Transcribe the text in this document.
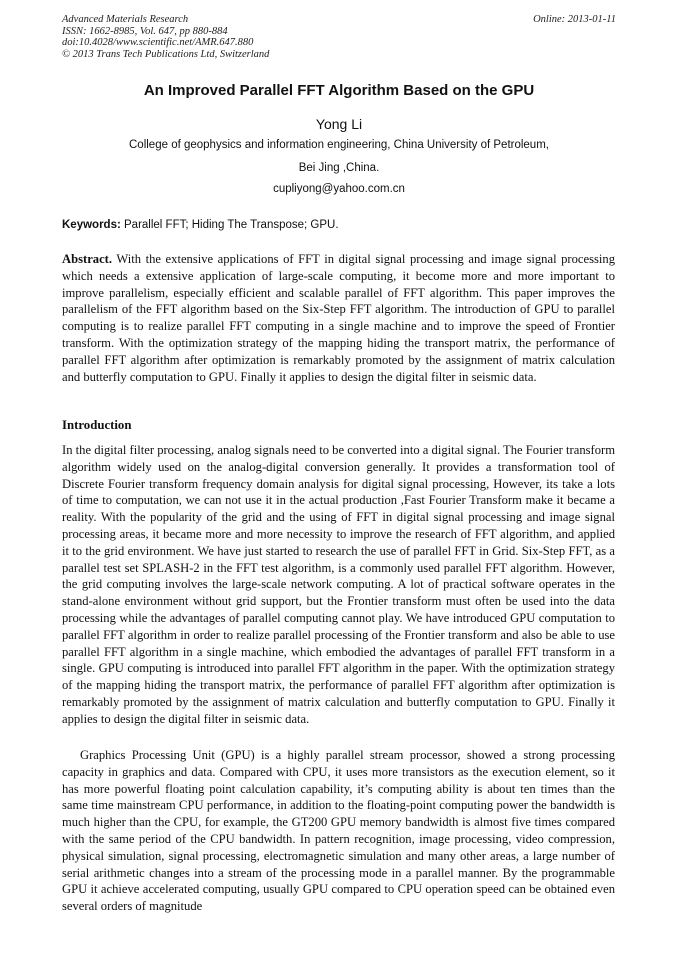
Advanced Materials Research
ISSN: 1662-8985, Vol. 647, pp 880-884
doi:10.4028/www.scientific.net/AMR.647.880
© 2013 Trans Tech Publications Ltd, Switzerland
Online: 2013-01-11
An Improved Parallel FFT Algorithm Based on the GPU
Yong Li
College of geophysics and information engineering, China University of Petroleum,
Bei Jing ,China.
cupliyong@yahoo.com.cn
Keywords: Parallel FFT; Hiding The Transpose; GPU.
Abstract. With the extensive applications of FFT in digital signal processing and image signal processing which needs a extensive application of large-scale computing, it become more and more important to improve parallelism, especially efficient and scalable parallel of FFT algorithm. This paper improves the parallelism of the FFT algorithm based on the Six-Step FFT algorithm. The introduction of GPU to parallel computing is to realize parallel FFT computing in a single machine and to improve the speed of Frontier transform. With the optimization strategy of the mapping hiding the transport matrix, the performance of parallel FFT algorithm after optimization is remarkably promoted by the assignment of matrix calculation and butterfly computation to GPU. Finally it applies to design the digital filter in seismic data.
Introduction
In the digital filter processing, analog signals need to be converted into a digital signal. The Fourier transform algorithm widely used on the analog-digital conversion generally. It provides a transformation tool of Discrete Fourier transform frequency domain analysis for digital signal processing, However, its take a lots of time to computation, we can not use it in the actual production ,Fast Fourier Transform make it became a reality. With the popularity of the grid and the using of FFT in digital signal processing and image signal processing areas, it became more and more necessity to improve the research of FFT algorithm, and applied it to the grid environment. We have just started to research the use of parallel FFT in Grid. Six-Step FFT, as a parallel test set SPLASH-2 in the FFT test algorithm, is a commonly used parallel FFT algorithm. However, the grid computing involves the large-scale network computing. A lot of practical software operates in the stand-alone environment without grid support, but the Frontier transform must often be used into the data processing while the advantages of parallel computing cannot play. We have introduced GPU computation to parallel FFT algorithm in order to realize parallel processing of the Frontier transform and also be able to use parallel FFT algorithm in a single machine, which embodied the advantages of parallel FFT transform in a single. GPU computing is introduced into parallel FFT algorithm in the paper. With the optimization strategy of the mapping hiding the transport matrix, the performance of parallel FFT algorithm after optimization is remarkably promoted by the assignment of matrix calculation and butterfly computation to GPU. Finally it applies to design the digital filter in seismic data.
Graphics Processing Unit (GPU) is a highly parallel stream processor, showed a strong processing capacity in graphics and data. Compared with CPU, it uses more transistors as the execution element, so it has more powerful floating point calculation capability, it’s computing ability is about ten times than the same time mainstream CPU performance, in addition to the floating-point computing power the bandwidth is much higher than the CPU, for example, the GT200 GPU memory bandwidth is almost five times compared with the same period of the CPU bandwidth. In pattern recognition, image processing, video compression, physical simulation, signal processing, electromagnetic simulation and many other areas, a large number of serial arithmetic changes into a stream of the processing mode in a parallel manner. By the programmable GPU it achieve accelerated computing, usually GPU compared to CPU operation speed can be obtained even several orders of magnitude
